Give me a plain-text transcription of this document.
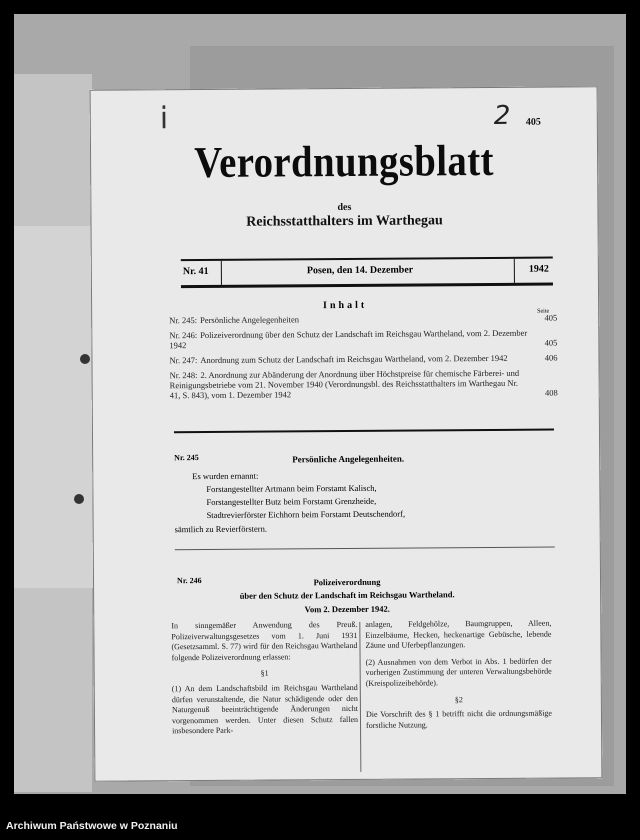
i	2 405
Verordnungsblatt
des
Reichsstatthalters im Warthegau
Nr. 41	Posen, den 14. Dezember	1942
Inhalt
Seite
Nr. 245: Persönliche Angelegenheiten	405
Nr. 246: Polizeiverordnung über den Schutz der Landschaft im Reichsgau Wartheland, vom 2. Dezember 1942	405
Nr. 247: Anordnung zum Schutz der Landschaft im Reichsgau Wartheland, vom 2. Dezember 1942	406
Nr. 248: 2. Anordnung zur Abänderung der Anordnung über Höchstpreise für chemische Färberei- und Reinigungsbetriebe vom 21. November 1940 (Verordnungsbl. des Reichsstatthalters im Warthegau Nr. 41, S. 843), vom 1. Dezember 1942	408
Nr. 245	Persönliche Angelegenheiten.
Es wurden ernannt:
Forstangestellter Artmann beim Forstamt Kalisch,
Forstangestellter Butz beim Forstamt Grenzheide,
Stadtrevierförster Eichhorn beim Forstamt Deutschendorf,
sämtlich zu Revierförstern.
Nr. 246	Polizeiverordnung
über den Schutz der Landschaft im Reichsgau Wartheland.
Vom 2. Dezember 1942.

In sinngemäßer Anwendung des Preuß. Polizeiverwaltungsgesetzes vom 1. Juni 1931 (Gesetzsamml. S. 77) wird für den Reichsgau Wartheland folgende Polizeiverordnung erlassen:

§1

(1) An dem Landschaftsbild im Reichsgau Wartheland dürfen verunstaltende, die Natur schädigende oder den Naturgenuß beeinträchtigende Änderungen nicht vorgenommen werden. Unter diesen Schutz fallen insbesondere Park-

anlagen, Feldgehölze, Baumgruppen, Alleen, Einzelbäume, Hecken, heckenartige Gebüsche, lebende Zäune und Uferbepflanzungen.

(2) Ausnahmen von dem Verbot in Abs. 1 bedürfen der vorherigen Zustimmung der unteren Verwaltungsbehörde (Kreispolizeibehörde).

§2

Die Vorschrift des § 1 betrifft nicht die ordnungsmäßige forstliche Nutzung.

Archiwum Państwowe w Poznaniu
